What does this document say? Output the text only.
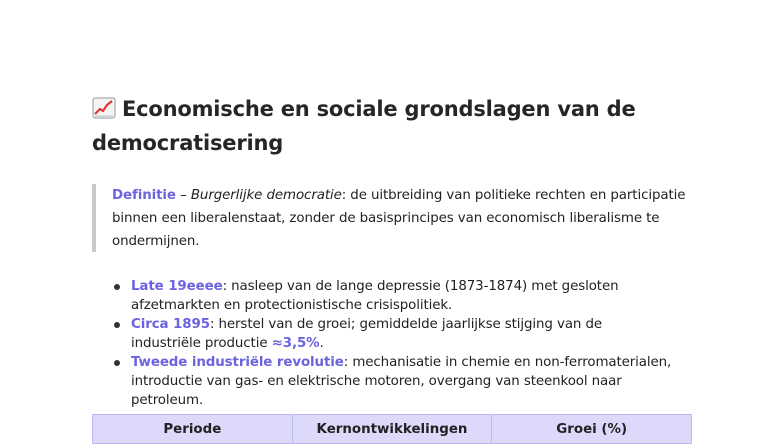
Economische en sociale grondslagen van de
democratisering
Definitie – Burgerlijke democratie: de uitbreiding van politieke rechten en participatie
binnen een liberalenstaat, zonder de basisprincipes van economisch liberalisme te
ondermijnen.
Late 19eeee: nasleep van de lange depressie (1873-1874) met gesloten
afzetmarkten en protectionistische crisispolitiek.
Circa 1895: herstel van de groei; gemiddelde jaarlijkse stijging van de
industriële productie ≈3,5%.
Tweede industriële revolutie: mechanisatie in chemie en non-ferromaterialen,
introductie van gas- en elektrische motoren, overgang van steenkool naar
petroleum.
Periode	Kernontwikkelingen	Groei (%)
